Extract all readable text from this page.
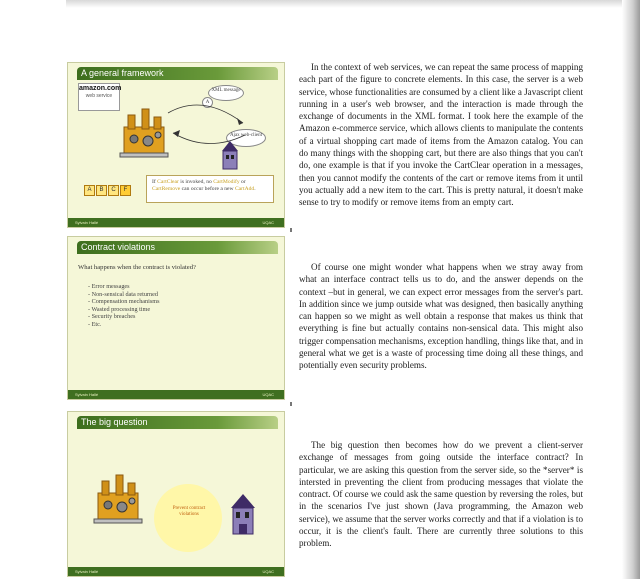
A general framework
amazon.com
web service
A
XML message
Ajax web-client
A	B	C	F
If CartClear is invoked, no CartModify or CartRemove can occur before a new CartAdd.
Sylvain Hallé	UQAC
Contract violations
What happens when the contract is violated?
- Error messages
- Non-sensical data returned
- Compensation mechanisms
- Wasted processing time
- Security breaches
- Etc.
Sylvain Hallé	UQAC
The big question
Prevent contract violations
Sylvain Hallé	UQAC

In the context of web services, we can repeat the same process of mapping each part of the figure to concrete elements. In this case, the server is a web service, whose functionalities are consumed by a client like a Javascript client running in a user's web browser, and the interaction is made through the exchange of documents in the XML format. I took here the example of the Amazon e-commerce service, which allows clients to manipulate the contents of a virtual shopping cart made of items from the Amazon catalog. You can do many things with the shopping cart, but there are also things that you can't do, one example is that if you invoke the CartClear operation in a messages, then you cannot modify the contents of the cart or remove items from it until you actually add a new item to the cart. This is pretty natural, it doesn't make sense to try to modify or remove items from an empty cart.

Of course one might wonder what happens when we stray away from what an interface contract tells us to do, and the answer depends on the context –but in general, we can expect error messages from the server's part. In addition since we jump outside what was designed, then basically anything can happen so we might as well obtain a response that makes us think that everything is fine but actually contains non-sensical data. This might also trigger compensation mechanisms, exception handling, things like that, and in general what we get is a waste of processing time doing all these things, and potentially even security problems.

The big question then becomes how do we prevent a client-server exchange of messages from going outside the interface contract? In particular, we are asking this question from the server side, so the *server* is intersted in preventing the client from producing messages that violate the contract. Of course we could ask the same question by reversing the roles, but in the scenarios I've just shown (Java programming, the Amazon web service), we assume that the server works correctly and that if a violation is to occur, it is the client's fault. There are currently three solutions to this problem.
